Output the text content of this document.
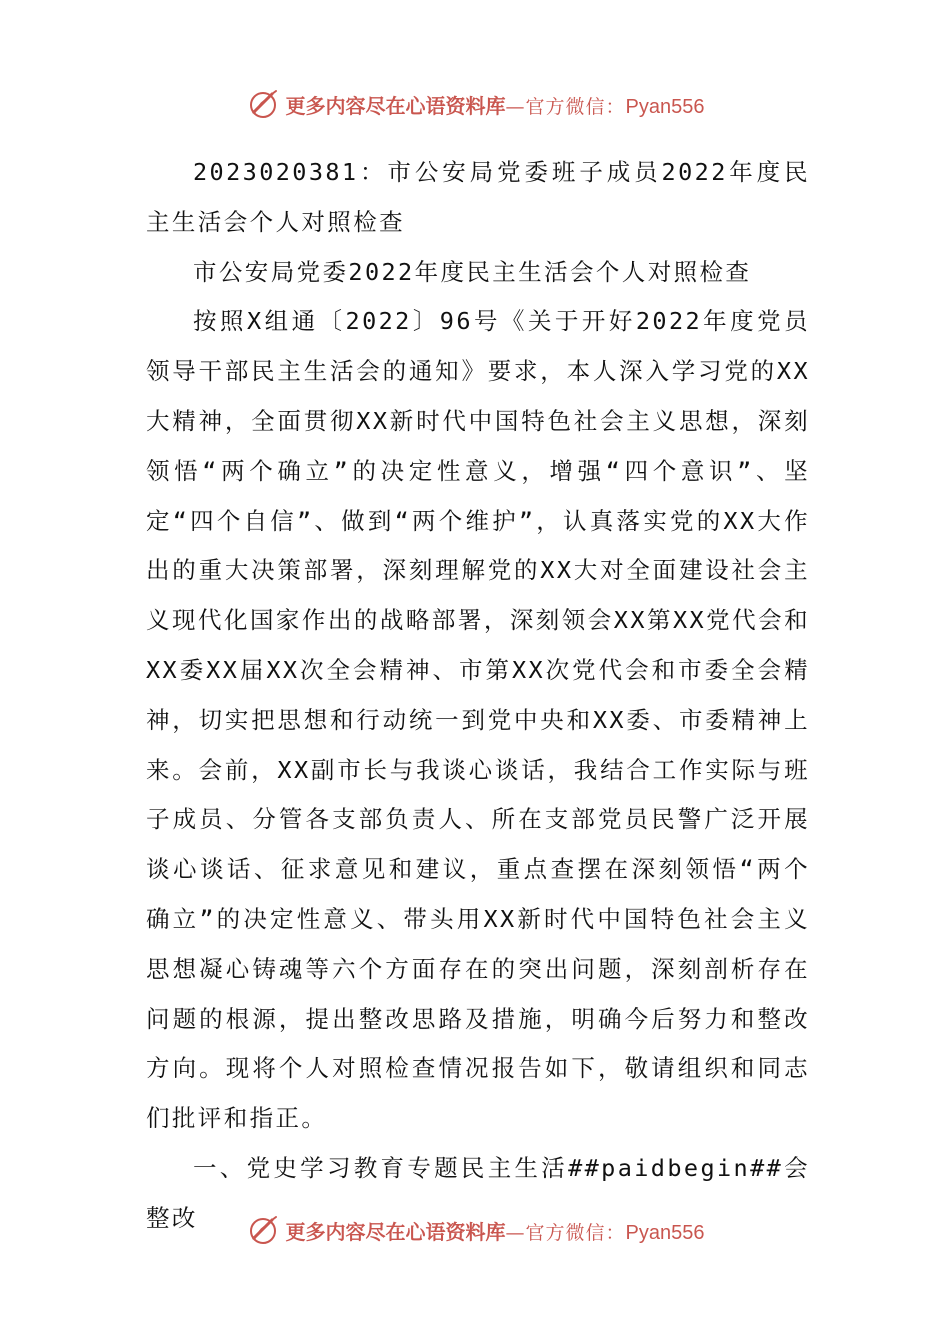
更多内容尽在心语资料库 —官方微信： Pyan556

2023020381：市公安局党委班子成员2022年度民主生活会个人对照检查

市公安局党委2022年度民主生活会个人对照检查

按照X组通〔2022〕96号《关于开好2022年度党员领导干部民主生活会的通知》要求，本人深入学习党的XX大精神，全面贯彻XX新时代中国特色社会主义思想，深刻领悟“两个确立”的决定性意义，增强“四个意识”、坚定“四个自信”、做到“两个维护”，认真落实党的XX大作出的重大决策部署，深刻理解党的XX大对全面建设社会主义现代化国家作出的战略部署，深刻领会XX第XX党代会和XX委XX届XX次全会精神、市第XX次党代会和市委全会精神，切实把思想和行动统一到党中央和XX委、市委精神上来。会前，XX副市长与我谈心谈话，我结合工作实际与班子成员、分管各支部负责人、所在支部党员民警广泛开展谈心谈话、征求意见和建议，重点查摆在深刻领悟“两个确立”的决定性意义、带头用XX新时代中国特色社会主义思想凝心铸魂等六个方面存在的突出问题，深刻剖析存在问题的根源，提出整改思路及措施，明确今后努力和整改方向。现将个人对照检查情况报告如下，敬请组织和同志们批评和指正。

一、党史学习教育专题民主生活##paidbegin##会整改	更多内容尽在心语资料库 —官方微信： Pyan556
